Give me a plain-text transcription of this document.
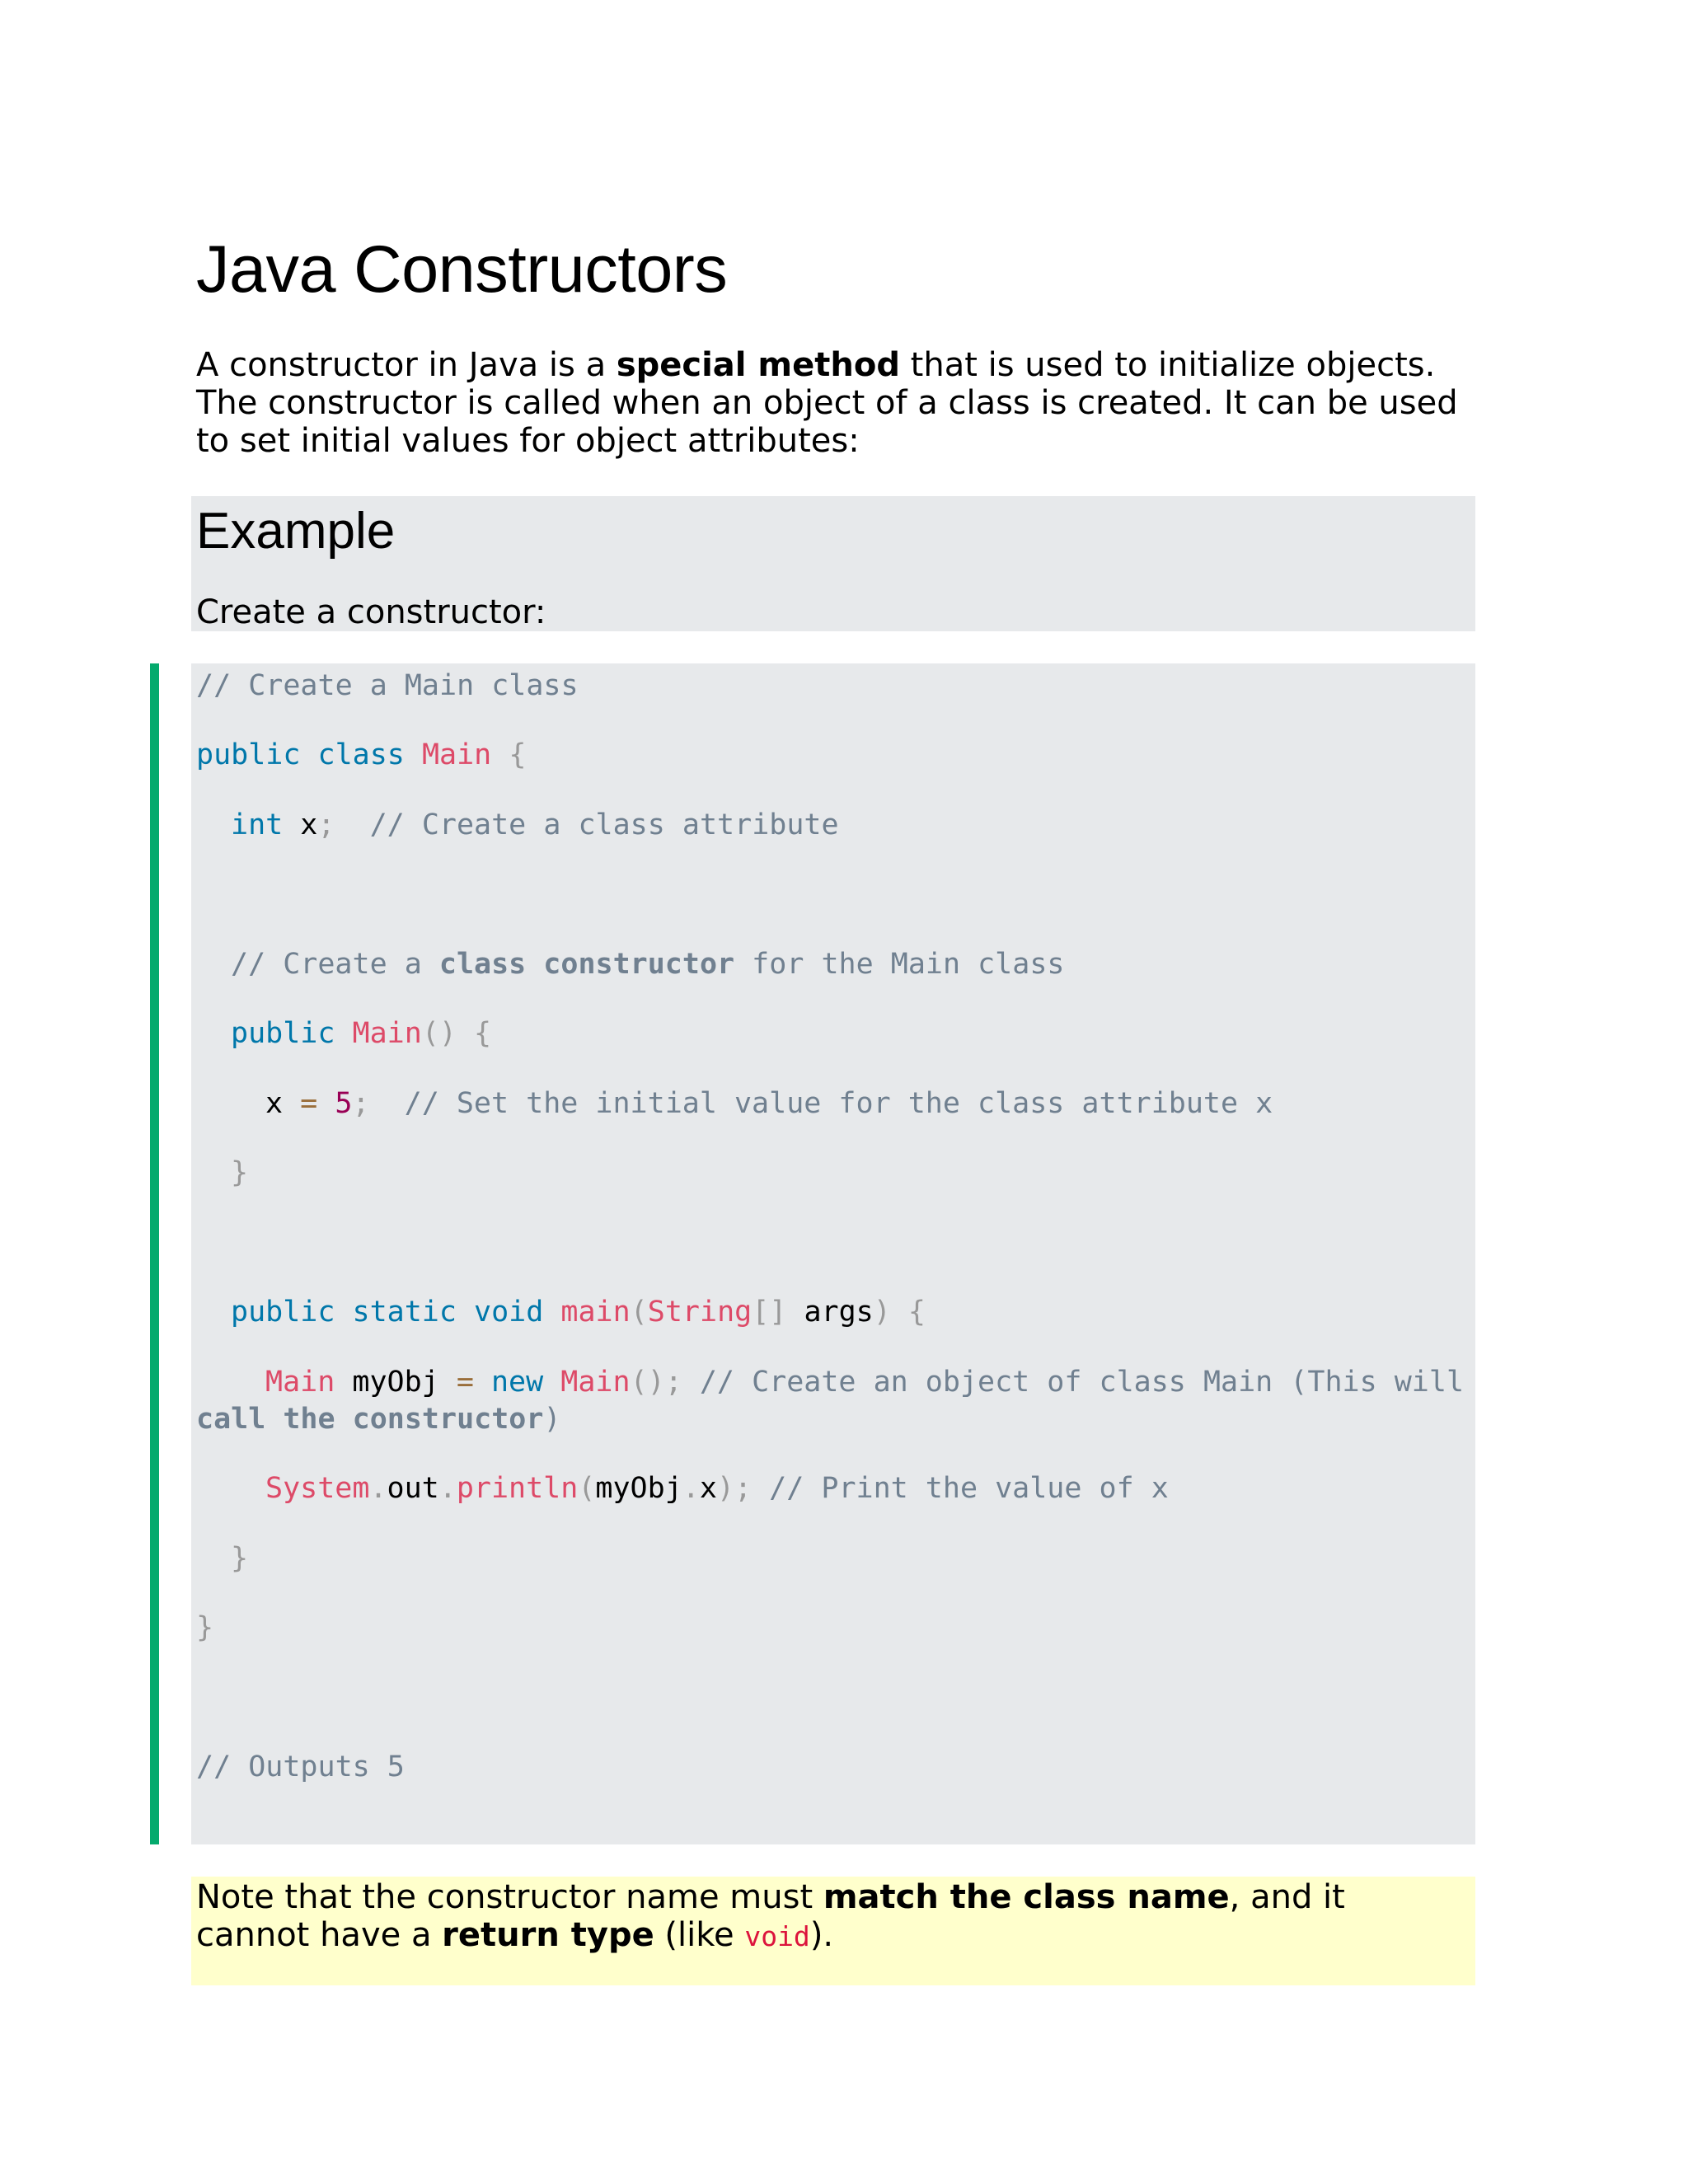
Java Constructors

A constructor in Java is a special method that is used to initialize objects. The constructor is called when an object of a class is created. It can be used to set initial values for object attributes:

Example

Create a constructor:

// Create a Main class
public class Main {
int x; // Create a class attribute
// Create a class constructor for the Main class
public Main() {
x = 5; // Set the initial value for the class attribute x
}
public static void main(String[] args) {
Main myObj = new Main(); // Create an object of class Main (This will
call the constructor)
System.out.println(myObj.x); // Print the value of x
}
}
// Outputs 5

Note that the constructor name must match the class name, and it cannot have a return type (like void).
